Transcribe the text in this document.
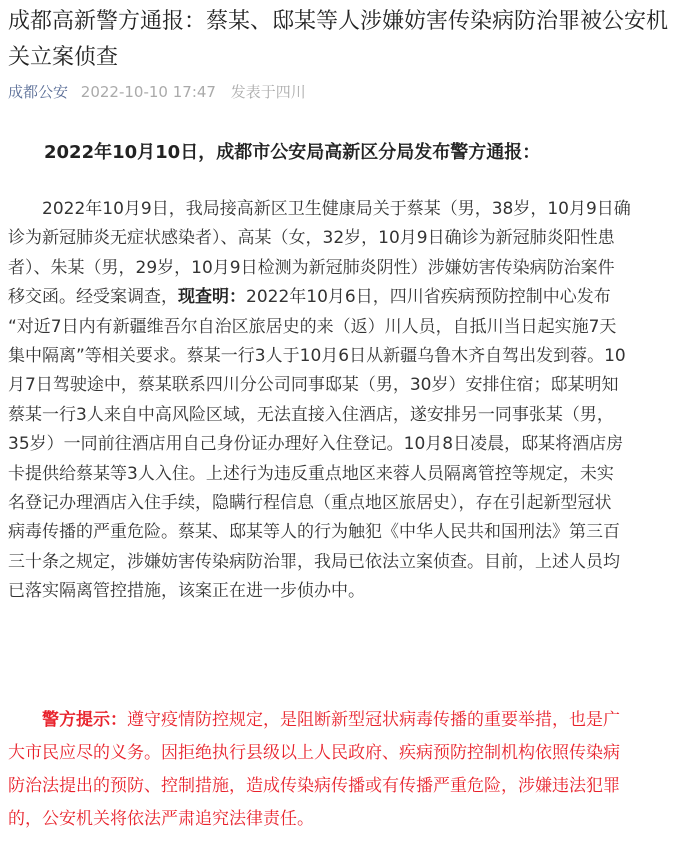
成都高新警方通报：蔡某、邸某等人涉嫌妨害传染病防治罪被公安机
关立案侦查
成都公安 2022-10-10 17:47 发表于四川
2022年10月10日，成都市公安局高新区分局发布警方通报：
2022年10月9日，我局接高新区卫生健康局关于蔡某（男，38岁，10月9日确
诊为新冠肺炎无症状感染者）、高某（女，32岁，10月9日确诊为新冠肺炎阳性患
者）、朱某（男，29岁，10月9日检测为新冠肺炎阴性）涉嫌妨害传染病防治案件
移交函。经受案调查，现查明：2022年10月6日，四川省疾病预防控制中心发布
“对近7日内有新疆维吾尔自治区旅居史的来（返）川人员，自抵川当日起实施7天
集中隔离”等相关要求。蔡某一行3人于10月6日从新疆乌鲁木齐自驾出发到蓉。10
月7日驾驶途中，蔡某联系四川分公司同事邸某（男，30岁）安排住宿；邸某明知
蔡某一行3人来自中高风险区域，无法直接入住酒店，遂安排另一同事张某（男，
35岁）一同前往酒店用自己身份证办理好入住登记。10月8日凌晨，邸某将酒店房
卡提供给蔡某等3人入住。上述行为违反重点地区来蓉人员隔离管控等规定，未实
名登记办理酒店入住手续，隐瞒行程信息（重点地区旅居史），存在引起新型冠状
病毒传播的严重危险。蔡某、邸某等人的行为触犯《中华人民共和国刑法》第三百
三十条之规定，涉嫌妨害传染病防治罪，我局已依法立案侦查。目前，上述人员均
已落实隔离管控措施，该案正在进一步侦办中。
警方提示：遵守疫情防控规定，是阻断新型冠状病毒传播的重要举措，也是广
大市民应尽的义务。因拒绝执行县级以上人民政府、疾病预防控制机构依照传染病
防治法提出的预防、控制措施，造成传染病传播或有传播严重危险，涉嫌违法犯罪
的，公安机关将依法严肃追究法律责任。
